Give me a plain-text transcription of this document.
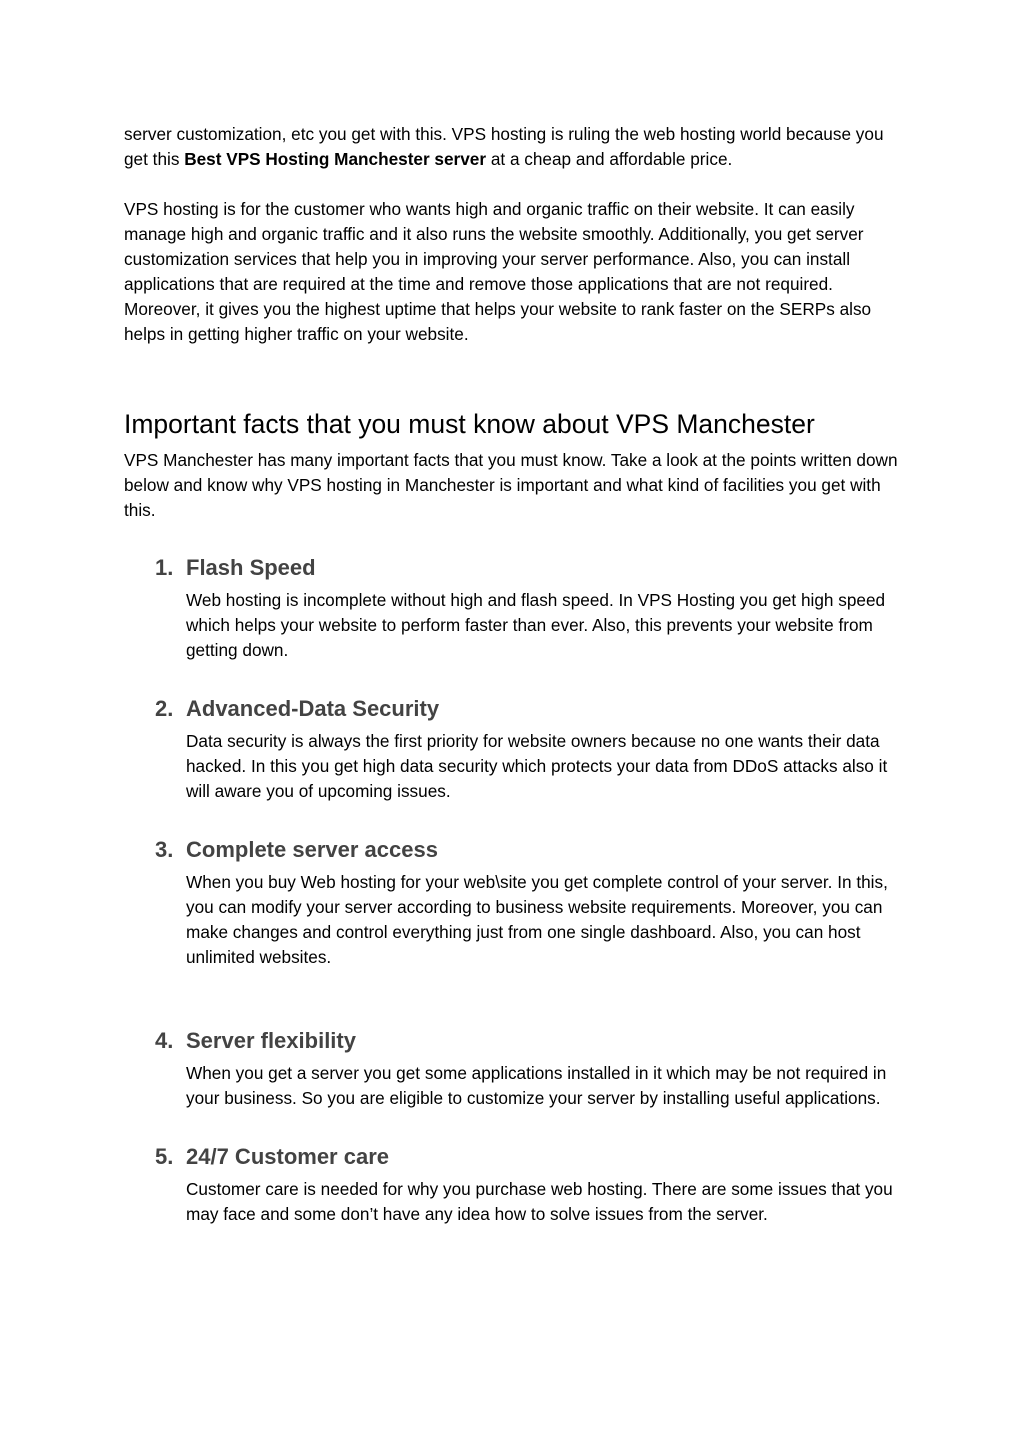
server customization, etc you get with this. VPS hosting is ruling the web hosting world because you get this Best VPS Hosting Manchester server at a cheap and affordable price.

VPS hosting is for the customer who wants high and organic traffic on their website. It can easily manage high and organic traffic and it also runs the website smoothly. Additionally, you get server customization services that help you in improving your server performance. Also, you can install applications that are required at the time and remove those applications that are not required. Moreover, it gives you the highest uptime that helps your website to rank faster on the SERPs also helps in getting higher traffic on your website.

Important facts that you must know about VPS Manchester

VPS Manchester has many important facts that you must know. Take a look at the points written down below and know why VPS hosting in Manchester is important and what kind of facilities you get with this.

1. Flash Speed

Web hosting is incomplete without high and flash speed. In VPS Hosting you get high speed which helps your website to perform faster than ever. Also, this prevents your website from getting down.

2. Advanced-Data Security

Data security is always the first priority for website owners because no one wants their data hacked. In this you get high data security which protects your data from DDoS attacks also it will aware you of upcoming issues.

3. Complete server access

When you buy Web hosting for your web\site you get complete control of your server. In this, you can modify your server according to business website requirements. Moreover, you can make changes and control everything just from one single dashboard. Also, you can host unlimited websites.

4. Server flexibility

When you get a server you get some applications installed in it which may be not required in your business. So you are eligible to customize your server by installing useful applications.

5. 24/7 Customer care

Customer care is needed for why you purchase web hosting. There are some issues that you may face and some don’t have any idea how to solve issues from the server.
